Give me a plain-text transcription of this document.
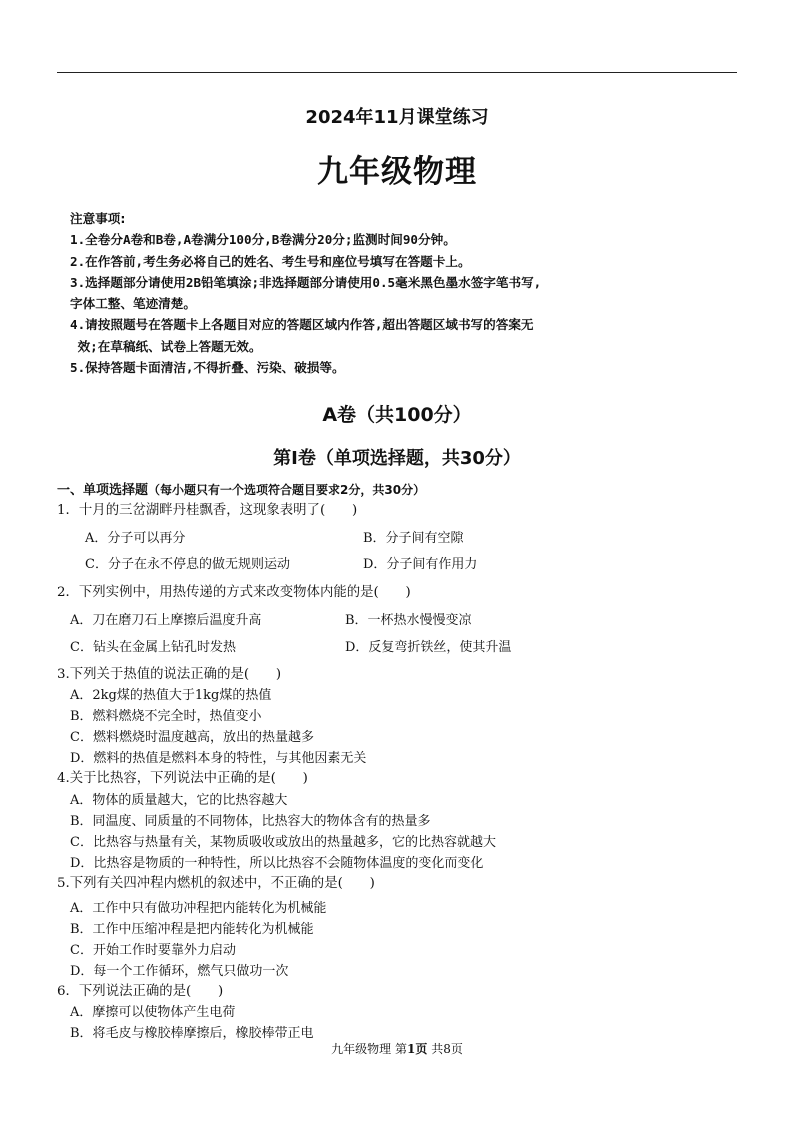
2024年11月课堂练习
九年级物理
注意事项:
1.全卷分A卷和B卷,A卷满分100分,B卷满分20分;监测时间90分钟。
2.在作答前,考生务必将自己的姓名、考生号和座位号填写在答题卡上。
3.选择题部分请使用2B铅笔填涂;非选择题部分请使用0.5毫米黑色墨水签字笔书写,
字体工整、笔迹清楚。
4.请按照题号在答题卡上各题目对应的答题区域内作答,超出答题区域书写的答案无
效;在草稿纸、试卷上答题无效。
5.保持答题卡面清洁,不得折叠、污染、破损等。
A卷（共100分）
第Ⅰ卷（单项选择题，共30分）
一、单项选择题（每小题只有一个选项符合题目要求2分，共30分）
1．十月的三岔湖畔丹桂飘香，这现象表明了(　　)
A．分子可以再分	B．分子间有空隙
C．分子在永不停息的做无规则运动	D．分子间有作用力
2．下列实例中，用热传递的方式来改变物体内能的是(　　)
A．刀在磨刀石上摩擦后温度升高	B．一杯热水慢慢变凉
C．钻头在金属上钻孔时发热	D．反复弯折铁丝，使其升温
3.下列关于热值的说法正确的是(　　)
A．2kg煤的热值大于1kg煤的热值
B．燃料燃烧不完全时，热值变小
C．燃料燃烧时温度越高，放出的热量越多
D．燃料的热值是燃料本身的特性，与其他因素无关
4.关于比热容，下列说法中正确的是(　　)
A．物体的质量越大，它的比热容越大
B．同温度、同质量的不同物体，比热容大的物体含有的热量多
C．比热容与热量有关，某物质吸收或放出的热量越多，它的比热容就越大
D．比热容是物质的一种特性，所以比热容不会随物体温度的变化而变化
5.下列有关四冲程内燃机的叙述中，不正确的是(　　)
A．工作中只有做功冲程把内能转化为机械能
B．工作中压缩冲程是把内能转化为机械能
C．开始工作时要靠外力启动
D．每一个工作循环，燃气只做功一次
6．下列说法正确的是(　　)
A．摩擦可以使物体产生电荷
B．将毛皮与橡胶棒摩擦后，橡胶棒带正电
九年级物理 第1页 共8页
